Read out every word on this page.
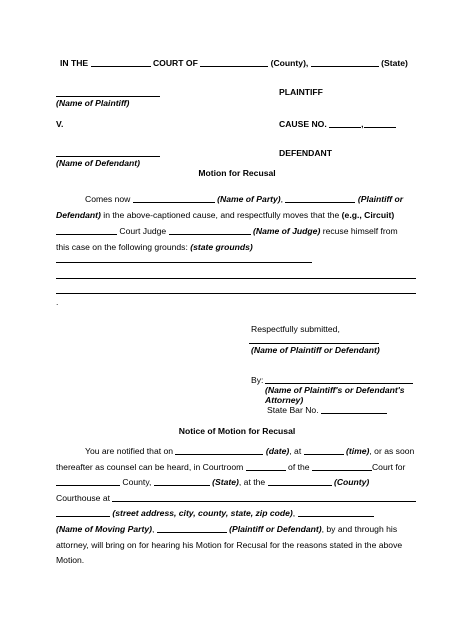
IN THE	COURT OF	(County),	(State)
(Name of Plaintiff)
PLAINTIFF
V.	CAUSE NO.	,
(Name of Defendant)
DEFENDANT
Motion for Recusal
Comes now	(Name of Party),	(Plaintiff or
Defendant) in the above-captioned cause, and respectfully moves that the (e.g., Circuit)
Court Judge	(Name of Judge) recuse himself from
this case on the following grounds: (state grounds)
.
Respectfully submitted,
(Name of Plaintiff or Defendant)
By:
(Name of Plaintiff's or Defendant's
Attorney)
State Bar No.
Notice of Motion for Recusal
You are notified that on	(date), at	(time), or as soon
thereafter as counsel can be heard, in Courtroom	of the	Court for
County,	(State), at the	(County)
Courthouse at
(street address, city, county, state, zip code),
(Name of Moving Party),	(Plaintiff or Defendant), by and through his
attorney, will bring on for hearing his Motion for Recusal for the reasons stated in the above
Motion.
